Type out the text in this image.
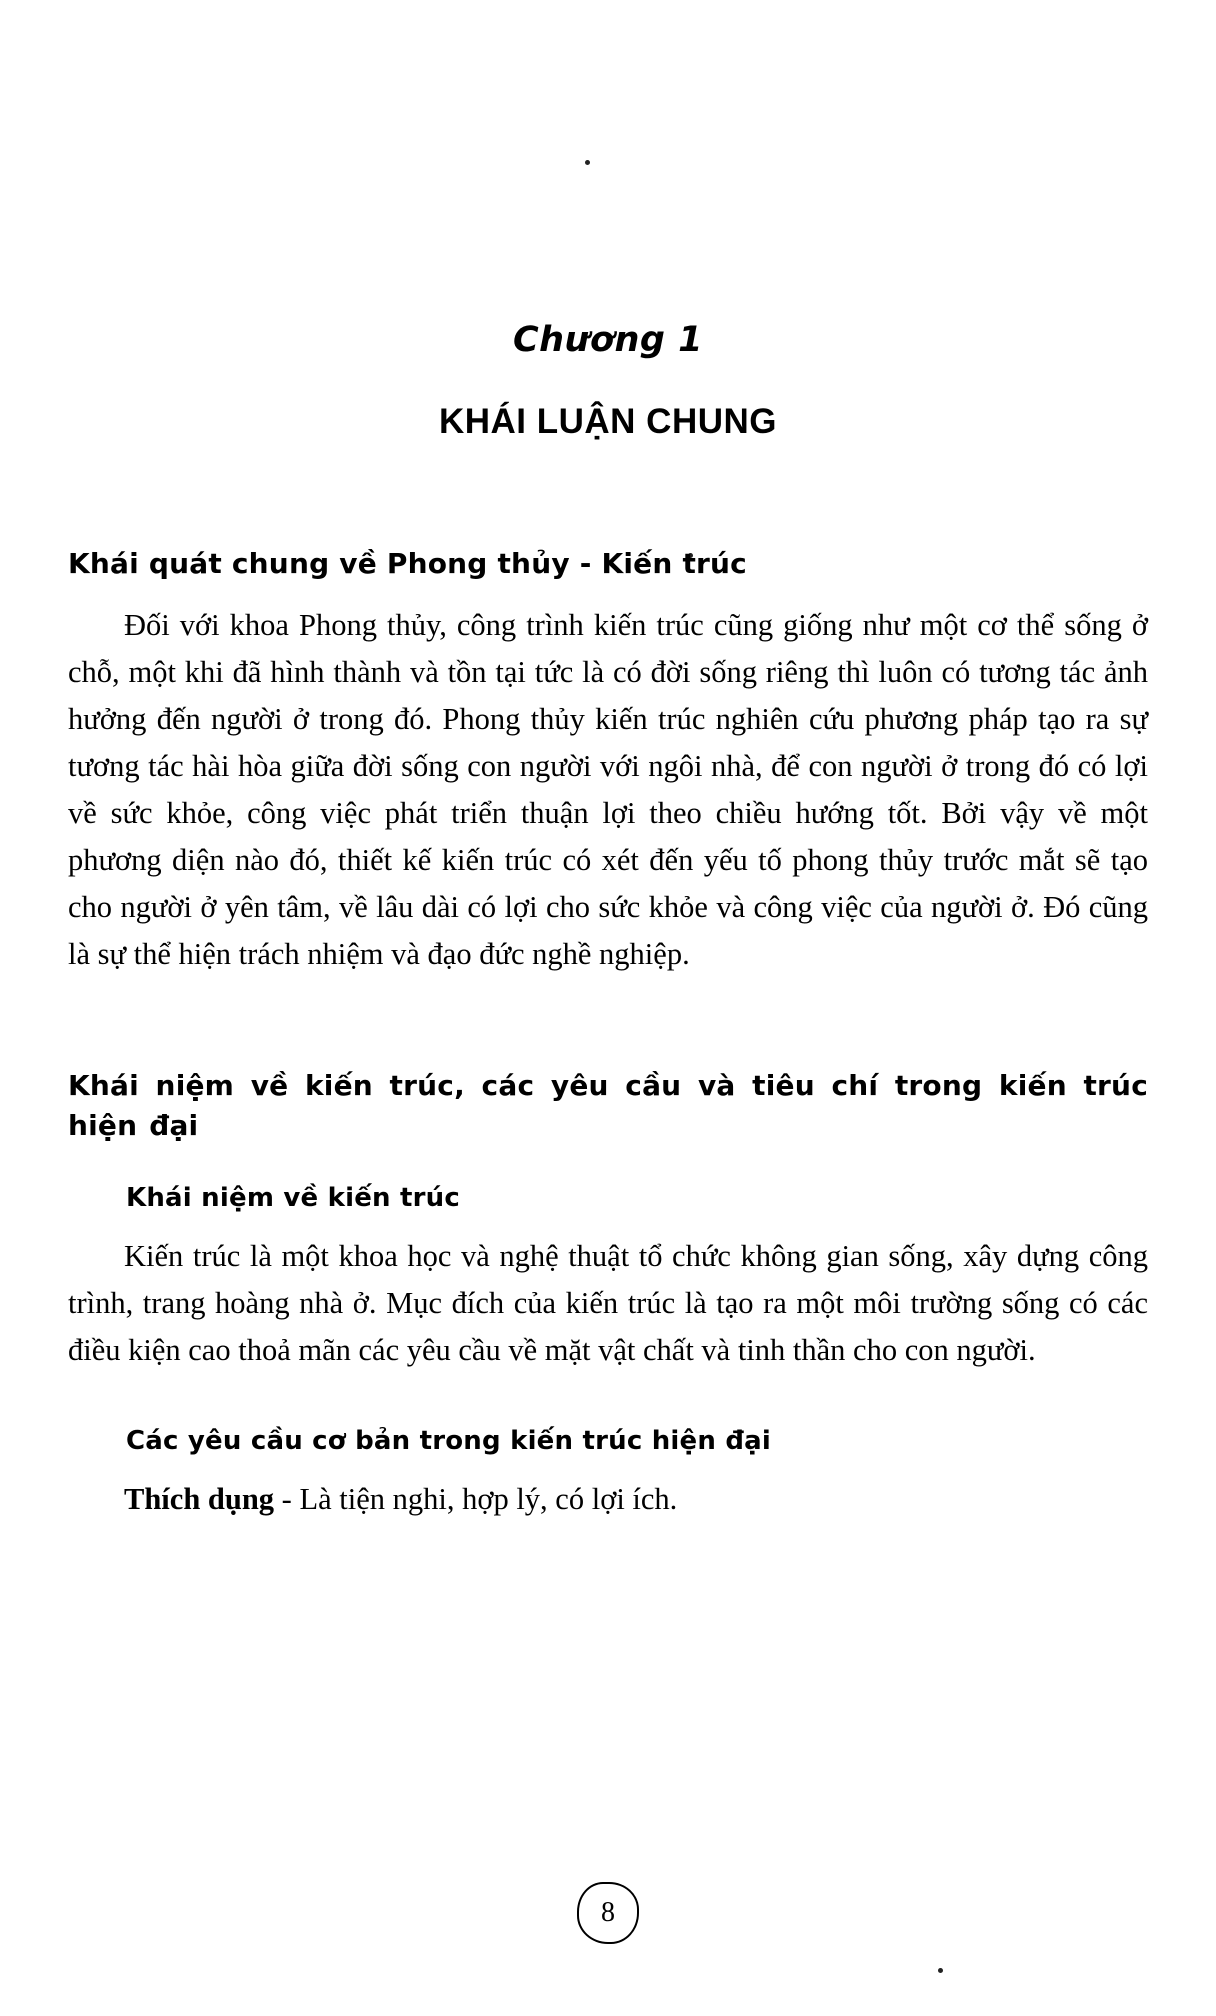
Chương 1
KHÁI LUẬN CHUNG
Khái quát chung về Phong thủy - Kiến trúc

Đối với khoa Phong thủy, công trình kiến trúc cũng giống như một cơ thể sống ở chỗ, một khi đã hình thành và tồn tại tức là có đời sống riêng thì luôn có tương tác ảnh hưởng đến người ở trong đó. Phong thủy kiến trúc nghiên cứu phương pháp tạo ra sự tương tác hài hòa giữa đời sống con người với ngôi nhà, để con người ở trong đó có lợi về sức khỏe, công việc phát triển thuận lợi theo chiều hướng tốt. Bởi vậy về một phương diện nào đó, thiết kế kiến trúc có xét đến yếu tố phong thủy trước mắt sẽ tạo cho người ở yên tâm, về lâu dài có lợi cho sức khỏe và công việc của người ở. Đó cũng là sự thể hiện trách nhiệm và đạo đức nghề nghiệp.

Khái niệm về kiến trúc, các yêu cầu và tiêu chí trong kiến trúc hiện đại
Khái niệm về kiến trúc

Kiến trúc là một khoa học và nghệ thuật tổ chức không gian sống, xây dựng công trình, trang hoàng nhà ở. Mục đích của kiến trúc là tạo ra một môi trường sống có các điều kiện cao thoả mãn các yêu cầu về mặt vật chất và tinh thần cho con người.

Các yêu cầu cơ bản trong kiến trúc hiện đại

Thích dụng - Là tiện nghi, hợp lý, có lợi ích.

8
